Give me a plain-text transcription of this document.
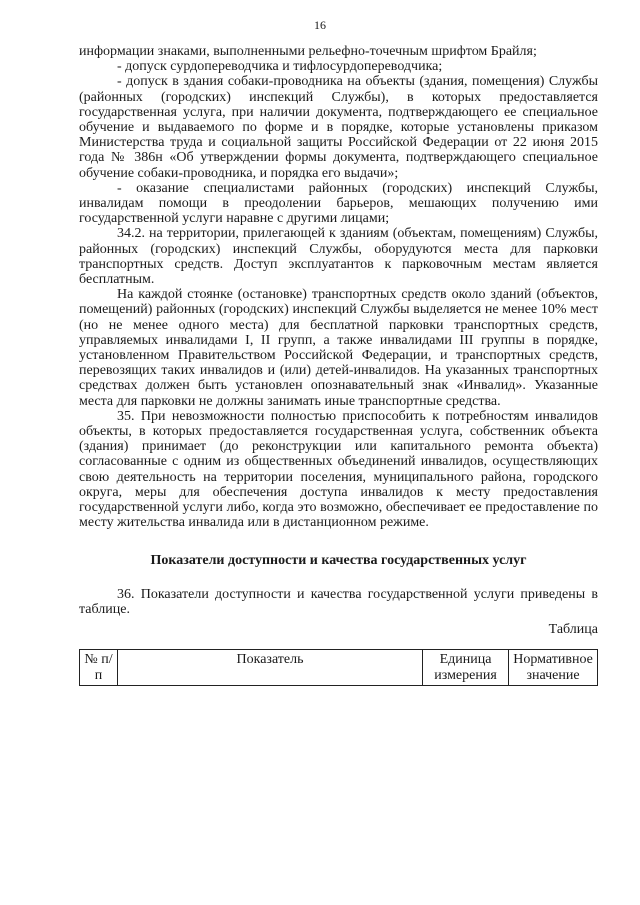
16

информации знаками, выполненными рельефно-точечным шрифтом Брайля;

- допуск сурдопереводчика и тифлосурдопереводчика;

- допуск в здания собаки-проводника на объекты (здания, помещения) Службы (районных (городских) инспекций Службы), в которых предоставляется государственная услуга, при наличии документа, подтверждающего ее специальное обучение и выдаваемого по форме и в порядке, которые установлены приказом Министерства труда и социальной защиты Российской Федерации от 22 июня 2015 года № 386н «Об утверждении формы документа, подтверждающего специальное обучение собаки-проводника, и порядка его выдачи»;

- оказание специалистами районных (городских) инспекций Службы, инвалидам помощи в преодолении барьеров, мешающих получению ими государственной услуги наравне с другими лицами;

34.2. на территории, прилегающей к зданиям (объектам, помещениям) Службы, районных (городских) инспекций Службы, оборудуются места для парковки транспортных средств. Доступ эксплуатантов к парковочным местам является бесплатным.

На каждой стоянке (остановке) транспортных средств около зданий (объектов, помещений) районных (городских) инспекций Службы выделяется не менее 10% мест (но не менее одного места) для бесплатной парковки транспортных средств, управляемых инвалидами I, II групп, а также инвалидами III группы в порядке, установленном Правительством Российской Федерации, и транспортных средств, перевозящих таких инвалидов и (или) детей-инвалидов. На указанных транспортных средствах должен быть установлен опознавательный знак «Инвалид». Указанные места для парковки не должны занимать иные транспортные средства.

35. При невозможности полностью приспособить к потребностям инвалидов объекты, в которых предоставляется государственная услуга, собственник объекта (здания) принимает (до реконструкции или капитального ремонта объекта) согласованные с одним из общественных объединений инвалидов, осуществляющих свою деятельность на территории поселения, муниципального района, городского округа, меры для обеспечения доступа инвалидов к месту предоставления государственной услуги либо, когда это возможно, обеспечивает ее предоставление по месту жительства инвалида или в дистанционном режиме.

Показатели доступности и качества государственных услуг

36. Показатели доступности и качества государственной услуги приведены в таблице.

Таблица

№ п/п	Показатель	Единица измерения	Нормативное значение
